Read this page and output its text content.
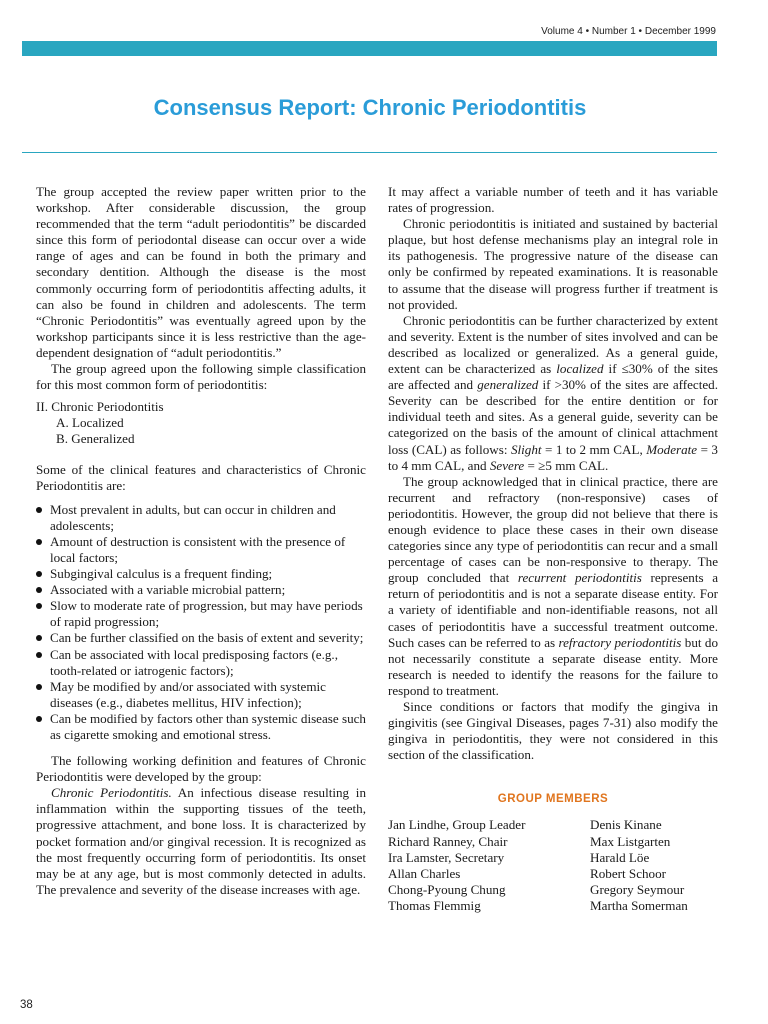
Volume 4 • Number 1 • December 1999
Consensus Report: Chronic Periodontitis

The group accepted the review paper written prior to the workshop. After considerable discussion, the group recommended that the term “adult periodontitis” be discarded since this form of periodontal disease can occur over a wide range of ages and can be found in both the primary and secondary dentition. Although the disease is the most commonly occurring form of periodontitis affecting adults, it can also be found in children and adolescents. The term “Chronic Periodontitis” was eventually agreed upon by the workshop participants since it is less restrictive than the age-dependent designation of “adult periodontitis.”

The group agreed upon the following simple classification for this most common form of periodontitis:

II. Chronic Periodontitis
A. Localized
B. Generalized

Some of the clinical features and characteristics of Chronic Periodontitis are:

Most prevalent in adults, but can occur in children and adolescents;
Amount of destruction is consistent with the presence of local factors;
Subgingival calculus is a frequent finding;
Associated with a variable microbial pattern;
Slow to moderate rate of progression, but may have periods of rapid progression;
Can be further classified on the basis of extent and severity;
Can be associated with local predisposing factors (e.g., tooth-related or iatrogenic factors);
May be modified by and/or associated with systemic diseases (e.g., diabetes mellitus, HIV infection);
Can be modified by factors other than systemic disease such as cigarette smoking and emotional stress.

The following working definition and features of Chronic Periodontitis were developed by the group:

Chronic Periodontitis. An infectious disease resulting in inflammation within the supporting tissues of the teeth, progressive attachment, and bone loss. It is characterized by pocket formation and/or gingival recession. It is recognized as the most frequently occurring form of periodontitis. Its onset may be at any age, but is most commonly detected in adults. The prevalence and severity of the disease increases with age.

It may affect a variable number of teeth and it has variable rates of progression.

Chronic periodontitis is initiated and sustained by bacterial plaque, but host defense mechanisms play an integral role in its pathogenesis. The progressive nature of the disease can only be confirmed by repeated examinations. It is reasonable to assume that the disease will progress further if treatment is not provided.

Chronic periodontitis can be further characterized by extent and severity. Extent is the number of sites involved and can be described as localized or generalized. As a general guide, extent can be characterized as localized if ≤30% of the sites are affected and generalized if >30% of the sites are affected. Severity can be described for the entire dentition or for individual teeth and sites. As a general guide, severity can be categorized on the basis of the amount of clinical attachment loss (CAL) as follows: Slight = 1 to 2 mm CAL, Moderate = 3 to 4 mm CAL, and Severe = ≥5 mm CAL.

The group acknowledged that in clinical practice, there are recurrent and refractory (non-responsive) cases of periodontitis. However, the group did not believe that there is enough evidence to place these cases in their own disease categories since any type of periodontitis can recur and a small percentage of cases can be non-responsive to therapy. The group concluded that recurrent periodontitis represents a return of periodontitis and is not a separate disease entity. For a variety of identifiable and non-identifiable reasons, not all cases of periodontitis have a successful treatment outcome. Such cases can be referred to as refractory periodontitis but do not necessarily constitute a separate disease entity. More research is needed to identify the reasons for the failure to respond to treatment.

Since conditions or factors that modify the gingiva in gingivitis (see Gingival Diseases, pages 7-31) also modify the gingiva in periodontitis, they were not considered in this section of the classification.

GROUP MEMBERS
Jan Lindhe, Group Leader
Richard Ranney, Chair
Ira Lamster, Secretary
Allan Charles
Chong-Pyoung Chung
Thomas Flemmig
Denis Kinane
Max Listgarten
Harald Löe
Robert Schoor
Gregory Seymour
Martha Somerman
38
